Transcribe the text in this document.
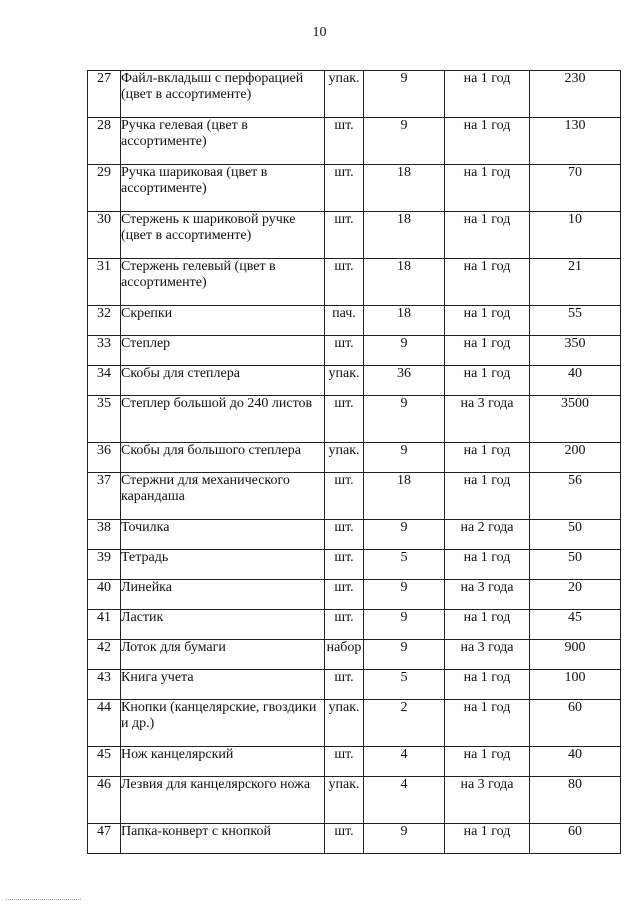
10
27	Файл-вкладыш с перфорацией (цвет в ассортименте)	упак.	9	на 1 год	230
28	Ручка гелевая (цвет в ассортименте)	шт.	9	на 1 год	130
29	Ручка шариковая (цвет в ассортименте)	шт.	18	на 1 год	70
30	Стержень к шариковой ручке (цвет в ассортименте)	шт.	18	на 1 год	10
31	Стержень гелевый (цвет в ассортименте)	шт.	18	на 1 год	21
32	Скрепки	пач.	18	на 1 год	55
33	Степлер	шт.	9	на 1 год	350
34	Скобы для степлера	упак.	36	на 1 год	40
35	Степлер большой до 240 листов	шт.	9	на 3 года	3500
36	Скобы для большого степлера	упак.	9	на 1 год	200
37	Стержни для механического карандаша	шт.	18	на 1 год	56
38	Точилка	шт.	9	на 2 года	50
39	Тетрадь	шт.	5	на 1 год	50
40	Линейка	шт.	9	на 3 года	20
41	Ластик	шт.	9	на 1 год	45
42	Лоток для бумаги	набор	9	на 3 года	900
43	Книга учета	шт.	5	на 1 год	100
44	Кнопки (канцелярские, гвоздики и др.)	упак.	2	на 1 год	60
45	Нож канцелярский	шт.	4	на 1 год	40
46	Лезвия для канцелярского ножа	упак.	4	на 3 года	80
47	Папка-конверт с кнопкой	шт.	9	на 1 год	60
